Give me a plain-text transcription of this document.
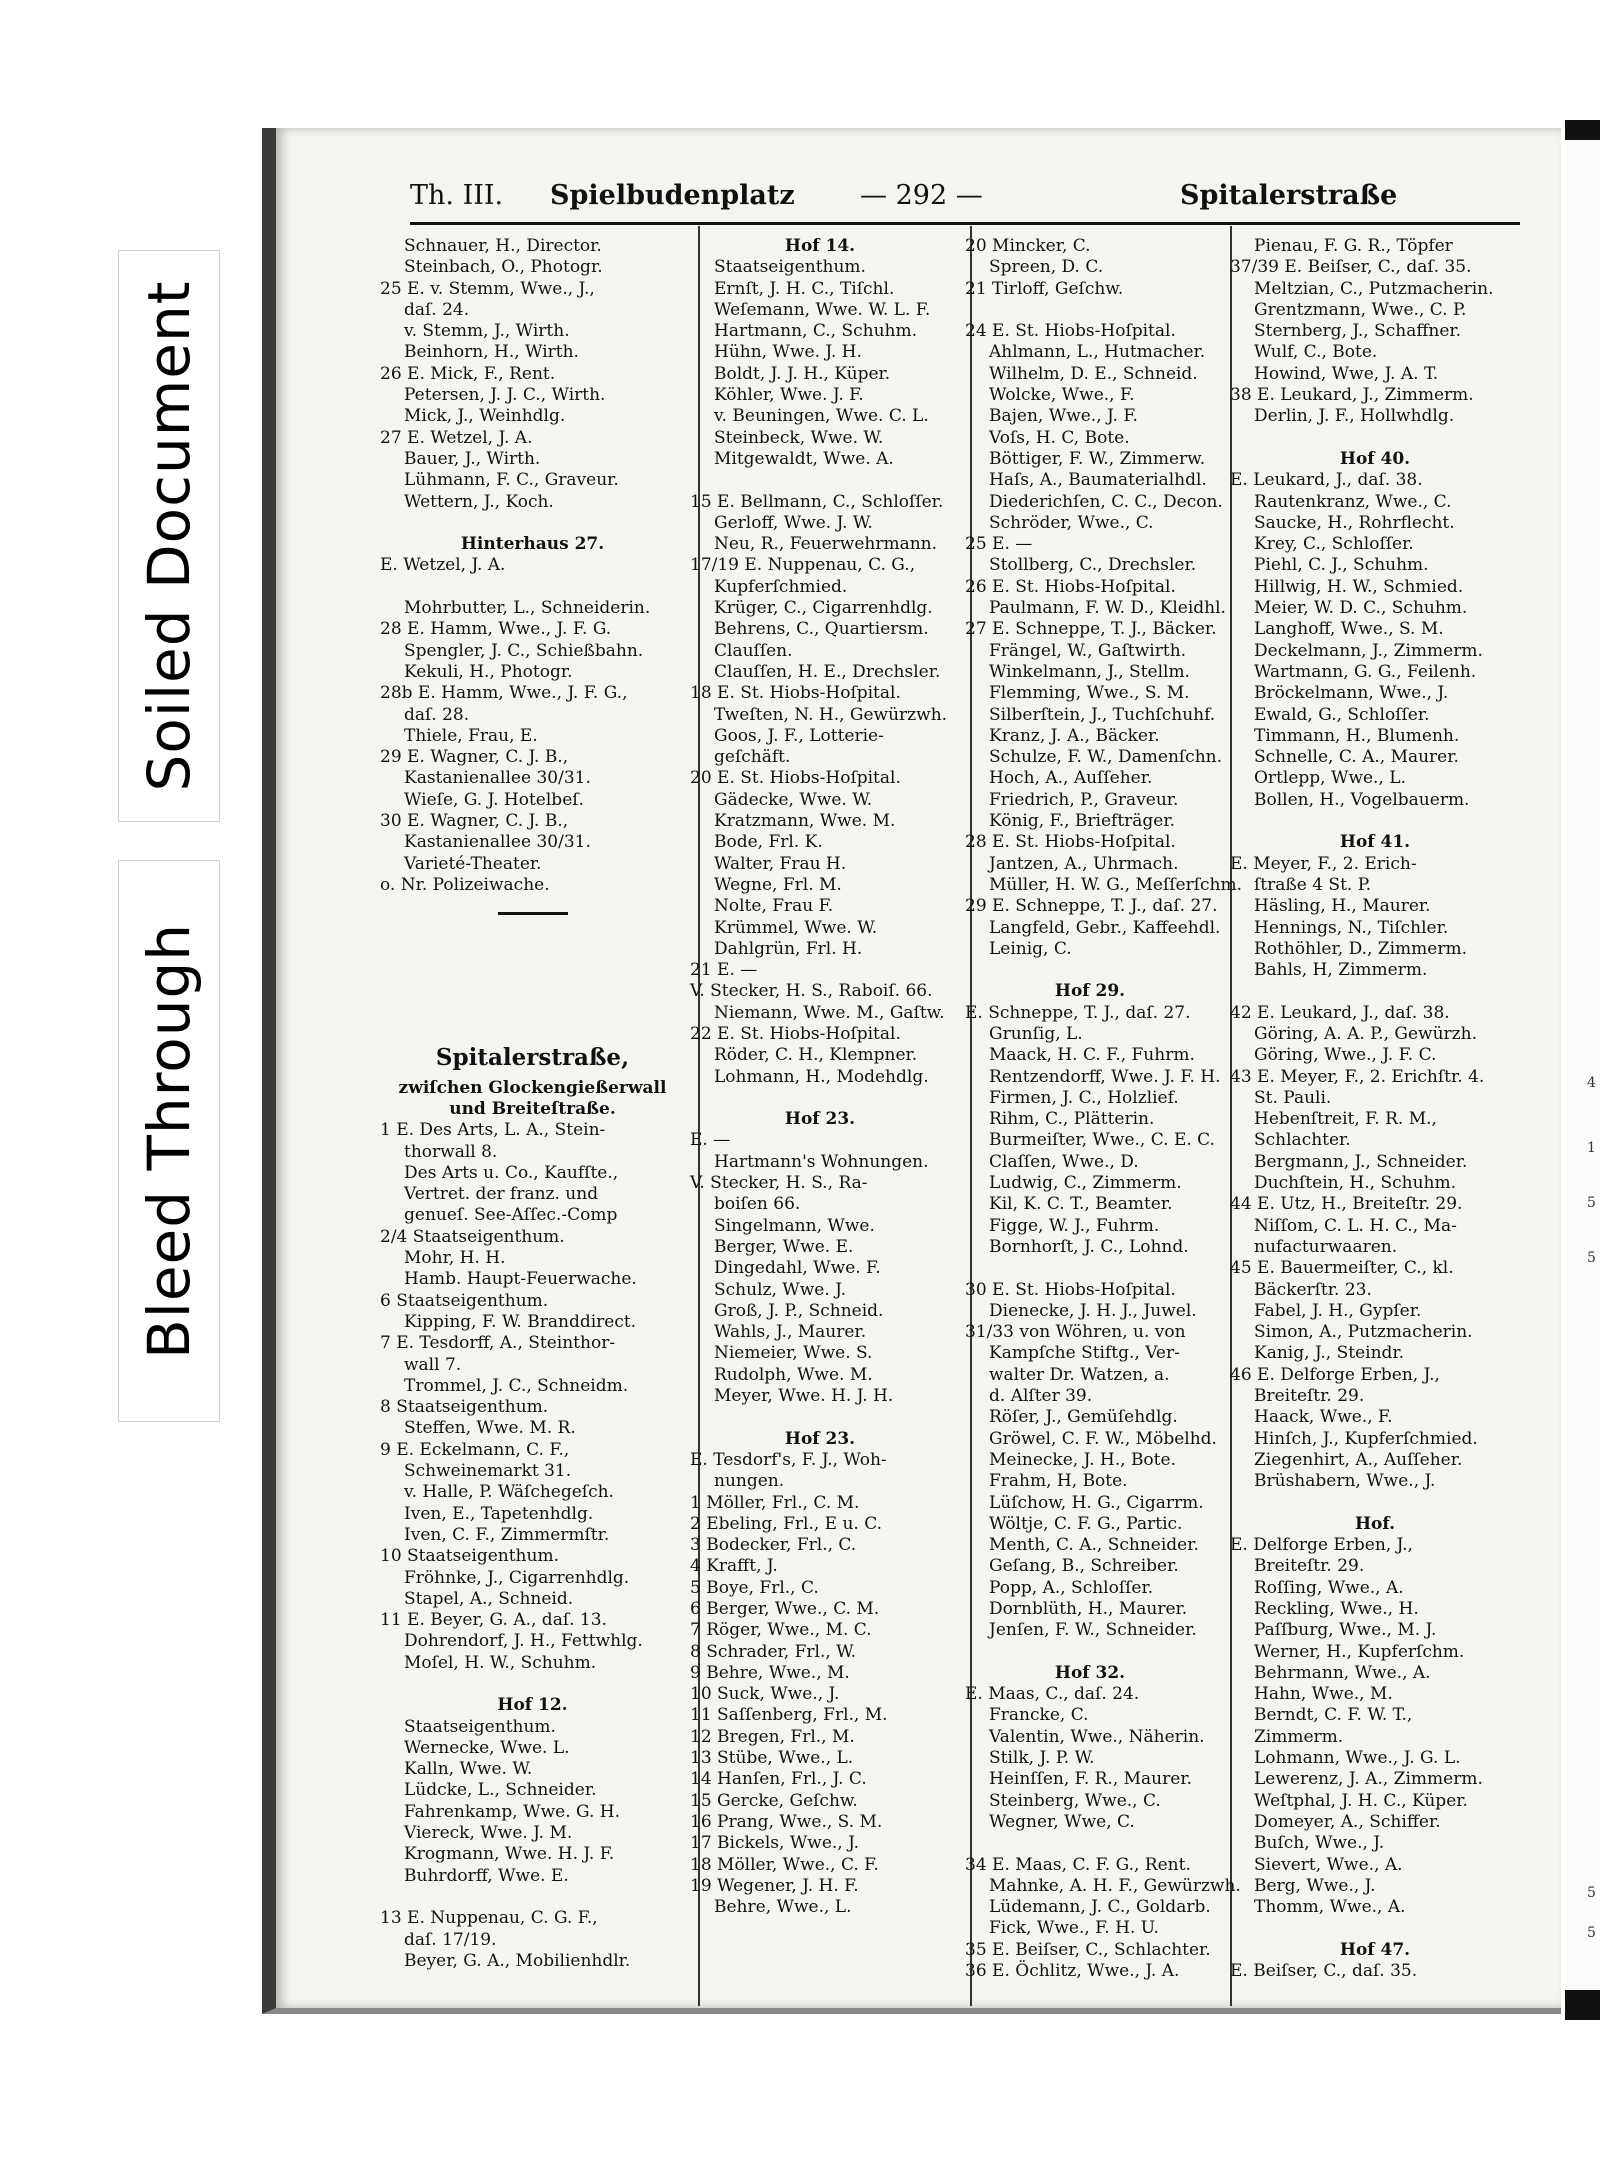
4
1
5
5
5
5
Soiled Document
Bleed Through
Th. III. Spielbudenplatz — 292 —	Spitalerstraße
Schnauer, H., Director.
Steinbach, O., Photogr.
25 E. v. Stemm, Wwe., J.,
daſ. 24.
v. Stemm, J., Wirth.
Beinhorn, H., Wirth.
26 E. Mick, F., Rent.
Petersen, J. J. C., Wirth.
Mick, J., Weinhdlg.
27 E. Wetzel, J. A.
Bauer, J., Wirth.
Lühmann, F. C., Graveur.
Wettern, J., Koch.
Hinterhaus 27.
E. Wetzel, J. A.
Mohrbutter, L., Schneiderin.
28 E. Hamm, Wwe., J. F. G.
Spengler, J. C., Schießbahn.
Kekuli, H., Photogr.
28b E. Hamm, Wwe., J. F. G.,
daſ. 28.
Thiele, Frau, E.
29 E. Wagner, C. J. B.,
Kastanienallee 30/31.
Wieſe, G. J. Hotelbeſ.
30 E. Wagner, C. J. B.,
Kastanienallee 30/31.
Varieté-Theater.
o. Nr. Polizeiwache.
Spitalerstraße,
zwiſchen Glockengießerwall
und Breiteſtraße.
1 E. Des Arts, L. A., Stein-
thorwall 8.
Des Arts u. Co., Kaufſte.,
Vertret. der franz. und
genueſ. See-Aſſec.-Comp
2/4 Staatseigenthum.
Mohr, H. H.
Hamb. Haupt-Feuerwache.
6 Staatseigenthum.
Kipping, F. W. Branddirect.
7 E. Tesdorff, A., Steinthor-
wall 7.
Trommel, J. C., Schneidm.
8 Staatseigenthum.
Steffen, Wwe. M. R.
9 E. Eckelmann, C. F.,
Schweinemarkt 31.
v. Halle, P. Wäſchegeſch.
Iven, E., Tapetenhdlg.
Iven, C. F., Zimmermſtr.
10 Staatseigenthum.
Fröhnke, J., Cigarrenhdlg.
Stapel, A., Schneid.
11 E. Beyer, G. A., daſ. 13.
Dohrendorf, J. H., Fettwhlg.
Moſel, H. W., Schuhm.
Hof 12.
Staatseigenthum.
Wernecke, Wwe. L.
Kalln, Wwe. W.
Lüdcke, L., Schneider.
Fahrenkamp, Wwe. G. H.
Viereck, Wwe. J. M.
Krogmann, Wwe. H. J. F.
Buhrdorff, Wwe. E.
13 E. Nuppenau, C. G. F.,
daſ. 17/19.
Beyer, G. A., Mobilienhdlr.
Hof 14.
Staatseigenthum.
Ernſt, J. H. C., Tiſchl.
Weſemann, Wwe. W. L. F.
Hartmann, C., Schuhm.
Hühn, Wwe. J. H.
Boldt, J. J. H., Küper.
Köhler, Wwe. J. F.
v. Beuningen, Wwe. C. L.
Steinbeck, Wwe. W.
Mitgewaldt, Wwe. A.
15 E. Bellmann, C., Schloſſer.
Gerloff, Wwe. J. W.
Neu, R., Feuerwehrmann.
17/19 E. Nuppenau, C. G.,
Kupferſchmied.
Krüger, C., Cigarrenhdlg.
Behrens, C., Quartiersm.
Clauſſen.
Clauſſen, H. E., Drechsler.
18 E. St. Hiobs-Hoſpital.
Tweſten, N. H., Gewürzwh.
Goos, J. F., Lotterie-
geſchäft.
20 E. St. Hiobs-Hoſpital.
Gädecke, Wwe. W.
Kratzmann, Wwe. M.
Bode, Frl. K.
Walter, Frau H.
Wegne, Frl. M.
Nolte, Frau F.
Krümmel, Wwe. W.
Dahlgrün, Frl. H.
21 E. —
V. Stecker, H. S., Raboiſ. 66.
Niemann, Wwe. M., Gaſtw.
22 E. St. Hiobs-Hoſpital.
Röder, C. H., Klempner.
Lohmann, H., Modehdlg.
Hof 23.
E. —
Hartmann's Wohnungen.
V. Stecker, H. S., Ra-
boiſen 66.
Singelmann, Wwe.
Berger, Wwe. E.
Dingedahl, Wwe. F.
Schulz, Wwe. J.
Groß, J. P., Schneid.
Wahls, J., Maurer.
Niemeier, Wwe. S.
Rudolph, Wwe. M.
Meyer, Wwe. H. J. H.
Hof 23.
E. Tesdorf's, F. J., Woh-
nungen.
1 Möller, Frl., C. M.
2 Ebeling, Frl., E u. C.
3 Bodecker, Frl., C.
4 Krafft, J.
5 Boye, Frl., C.
6 Berger, Wwe., C. M.
7 Röger, Wwe., M. C.
8 Schrader, Frl., W.
9 Behre, Wwe., M.
10 Suck, Wwe., J.
11 Saſſenberg, Frl., M.
12 Bregen, Frl., M.
13 Stübe, Wwe., L.
14 Hanſen, Frl., J. C.
15 Gercke, Geſchw.
16 Prang, Wwe., S. M.
17 Bickels, Wwe., J.
18 Möller, Wwe., C. F.
19 Wegener, J. H. F.
Behre, Wwe., L.
20 Mincker, C.
Spreen, D. C.
21 Tirloff, Geſchw.
24 E. St. Hiobs-Hoſpital.
Ahlmann, L., Hutmacher.
Wilhelm, D. E., Schneid.
Wolcke, Wwe., F.
Bajen, Wwe., J. F.
Voſs, H. C, Bote.
Böttiger, F. W., Zimmerw.
Haſs, A., Baumaterialhdl.
Diederichſen, C. C., Decon.
Schröder, Wwe., C.
25 E. —
Stollberg, C., Drechsler.
26 E. St. Hiobs-Hoſpital.
Paulmann, F. W. D., Kleidhl.
27 E. Schneppe, T. J., Bäcker.
Frängel, W., Gaſtwirth.
Winkelmann, J., Stellm.
Flemming, Wwe., S. M.
Silberſtein, J., Tuchſchuhf.
Kranz, J. A., Bäcker.
Schulze, F. W., Damenſchn.
Hoch, A., Auſſeher.
Friedrich, P., Graveur.
König, F., Briefträger.
28 E. St. Hiobs-Hoſpital.
Jantzen, A., Uhrmach.
Müller, H. W. G., Meſſerſchm.
29 E. Schneppe, T. J., daſ. 27.
Langfeld, Gebr., Kaffeehdl.
Leinig, C.
Hof 29.
E. Schneppe, T. J., daſ. 27.
Grunſig, L.
Maack, H. C. F., Fuhrm.
Rentzendorff, Wwe. J. F. H.
Firmen, J. C., Holzlief.
Rihm, C., Plätterin.
Burmeiſter, Wwe., C. E. C.
Claſſen, Wwe., D.
Ludwig, C., Zimmerm.
Kil, K. C. T., Beamter.
Figge, W. J., Fuhrm.
Bornhorſt, J. C., Lohnd.
30 E. St. Hiobs-Hoſpital.
Dienecke, J. H. J., Juwel.
31/33 von Wöhren, u. von
Kampſche Stiftg., Ver-
walter Dr. Watzen, a.
d. Alſter 39.
Röſer, J., Gemüſehdlg.
Gröwel, C. F. W., Möbelhd.
Meinecke, J. H., Bote.
Frahm, H, Bote.
Lüſchow, H. G., Cigarrm.
Wöltje, C. F. G., Partic.
Menth, C. A., Schneider.
Geſang, B., Schreiber.
Popp, A., Schloſſer.
Dornblüth, H., Maurer.
Jenſen, F. W., Schneider.
Hof 32.
E. Maas, C., daſ. 24.
Francke, C.
Valentin, Wwe., Näherin.
Stilk, J. P. W.
Heinſſen, F. R., Maurer.
Steinberg, Wwe., C.
Wegner, Wwe, C.
34 E. Maas, C. F. G., Rent.
Mahnke, A. H. F., Gewürzwh.
Lüdemann, J. C., Goldarb.
Fick, Wwe., F. H. U.
35 E. Beiſser, C., Schlachter.
36 E. Öchlitz, Wwe., J. A.
Pienau, F. G. R., Töpfer
37/39 E. Beiſser, C., daſ. 35.
Meltzian, C., Putzmacherin.
Grentzmann, Wwe., C. P.
Sternberg, J., Schaffner.
Wulf, C., Bote.
Howind, Wwe, J. A. T.
38 E. Leukard, J., Zimmerm.
Derlin, J. F., Hollwhdlg.
Hof 40.
E. Leukard, J., daſ. 38.
Rautenkranz, Wwe., C.
Saucke, H., Rohrflecht.
Krey, C., Schloſſer.
Piehl, C. J., Schuhm.
Hillwig, H. W., Schmied.
Meier, W. D. C., Schuhm.
Langhoff, Wwe., S. M.
Deckelmann, J., Zimmerm.
Wartmann, G. G., Feilenh.
Bröckelmann, Wwe., J.
Ewald, G., Schloſſer.
Timmann, H., Blumenh.
Schnelle, C. A., Maurer.
Ortlepp, Wwe., L.
Bollen, H., Vogelbauerm.
Hof 41.
E. Meyer, F., 2. Erich-
ſtraße 4 St. P.
Häsling, H., Maurer.
Hennings, N., Tiſchler.
Rothöhler, D., Zimmerm.
Bahls, H, Zimmerm.
42 E. Leukard, J., daſ. 38.
Göring, A. A. P., Gewürzh.
Göring, Wwe., J. F. C.
43 E. Meyer, F., 2. Erichſtr. 4.
St. Pauli.
Hebenſtreit, F. R. M.,
Schlachter.
Bergmann, J., Schneider.
Duchſtein, H., Schuhm.
44 E. Utz, H., Breiteſtr. 29.
Niſſom, C. L. H. C., Ma-
nufacturwaaren.
45 E. Bauermeiſter, C., kl.
Bäckerſtr. 23.
Fabel, J. H., Gypſer.
Simon, A., Putzmacherin.
Kanig, J., Steindr.
46 E. Delforge Erben, J.,
Breiteſtr. 29.
Haack, Wwe., F.
Hinſch, J., Kupferſchmied.
Ziegenhirt, A., Auſſeher.
Brüshabern, Wwe., J.
Hof.
E. Delforge Erben, J.,
Breiteſtr. 29.
Roſſing, Wwe., A.
Reckling, Wwe., H.
Paſſburg, Wwe., M. J.
Werner, H., Kupferſchm.
Behrmann, Wwe., A.
Hahn, Wwe., M.
Berndt, C. F. W. T.,
Zimmerm.
Lohmann, Wwe., J. G. L.
Lewerenz, J. A., Zimmerm.
Weſtphal, J. H. C., Küper.
Domeyer, A., Schiffer.
Buſch, Wwe., J.
Sievert, Wwe., A.
Berg, Wwe., J.
Thomm, Wwe., A.
Hof 47.
E. Beiſser, C., daſ. 35.
